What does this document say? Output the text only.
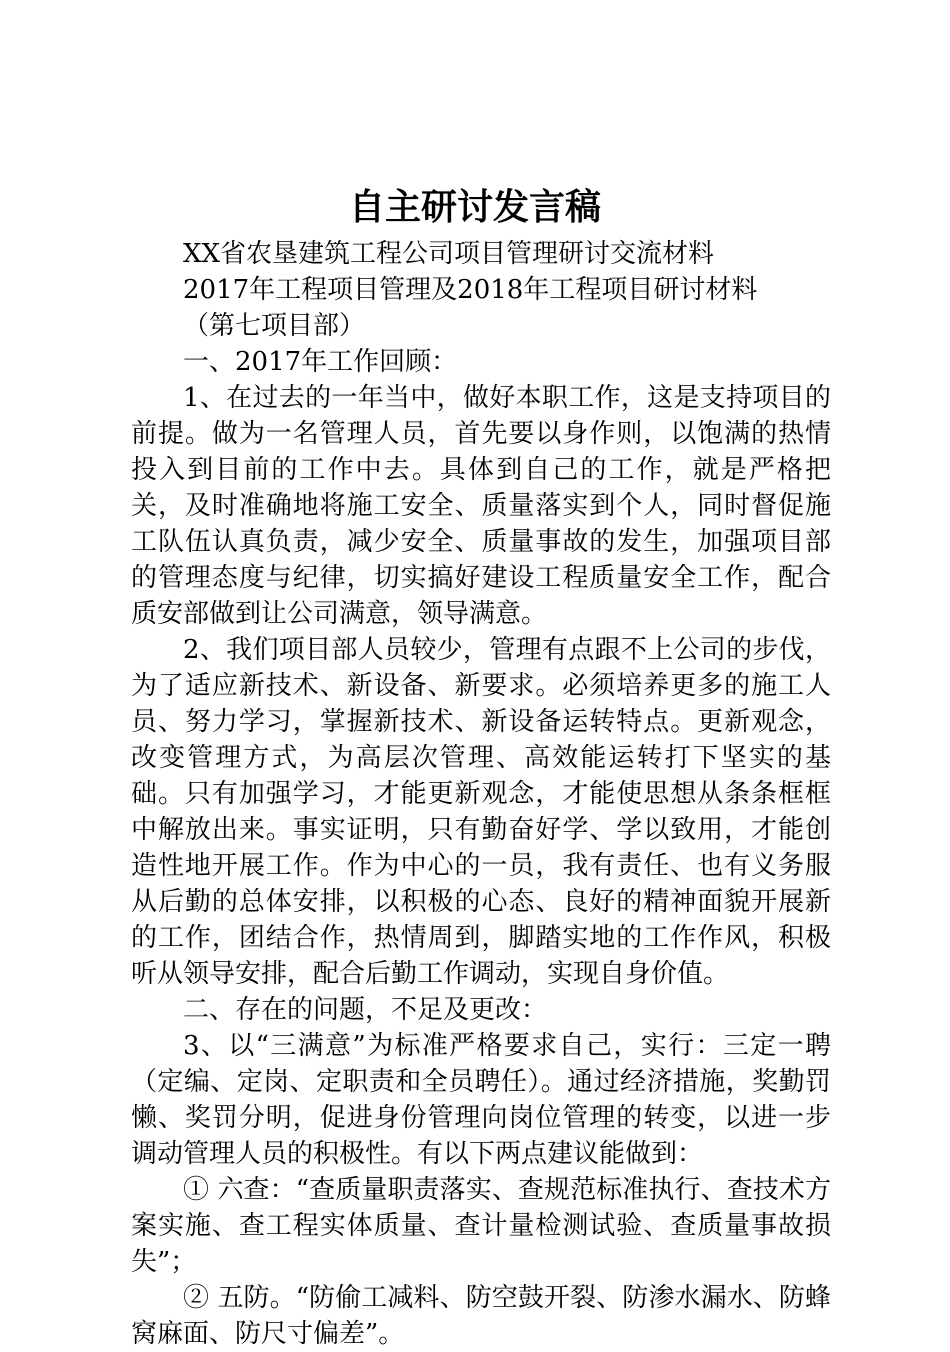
自主研讨发言稿

XX省农垦建筑工程公司项目管理研讨交流材料

2017年工程项目管理及2018年工程项目研讨材料

（第七项目部）

一、2017年工作回顾：

1、在过去的一年当中，做好本职工作，这是支持项目的前提。做为一名管理人员，首先要以身作则，以饱满的热情投入到目前的工作中去。具体到自己的工作，就是严格把关，及时准确地将施工安全、质量落实到个人，同时督促施工队伍认真负责，减少安全、质量事故的发生，加强项目部的管理态度与纪律，切实搞好建设工程质量安全工作，配合质安部做到让公司满意，领导满意。

2、我们项目部人员较少，管理有点跟不上公司的步伐，为了适应新技术、新设备、新要求。必须培养更多的施工人员、努力学习，掌握新技术、新设备运转特点。更新观念，改变管理方式，为高层次管理、高效能运转打下坚实的基础。只有加强学习，才能更新观念，才能使思想从条条框框中解放出来。事实证明，只有勤奋好学、学以致用，才能创造性地开展工作。作为中心的一员，我有责任、也有义务服从后勤的总体安排，以积极的心态、良好的精神面貌开展新的工作，团结合作，热情周到，脚踏实地的工作作风，积极听从领导安排，配合后勤工作调动，实现自身价值。

二、存在的问题，不足及更改：

3、以“三满意”为标准严格要求自己，实行：三定一聘（定编、定岗、定职责和全员聘任）。通过经济措施，奖勤罚懒、奖罚分明，促进身份管理向岗位管理的转变，以进一步调动管理人员的积极性。有以下两点建议能做到：

① 六查：“查质量职责落实、查规范标准执行、查技术方案实施、查工程实体质量、查计量检测试验、查质量事故损失”；

② 五防。“防偷工减料、防空鼓开裂、防渗水漏水、防蜂窝麻面、防尺寸偏差”。
